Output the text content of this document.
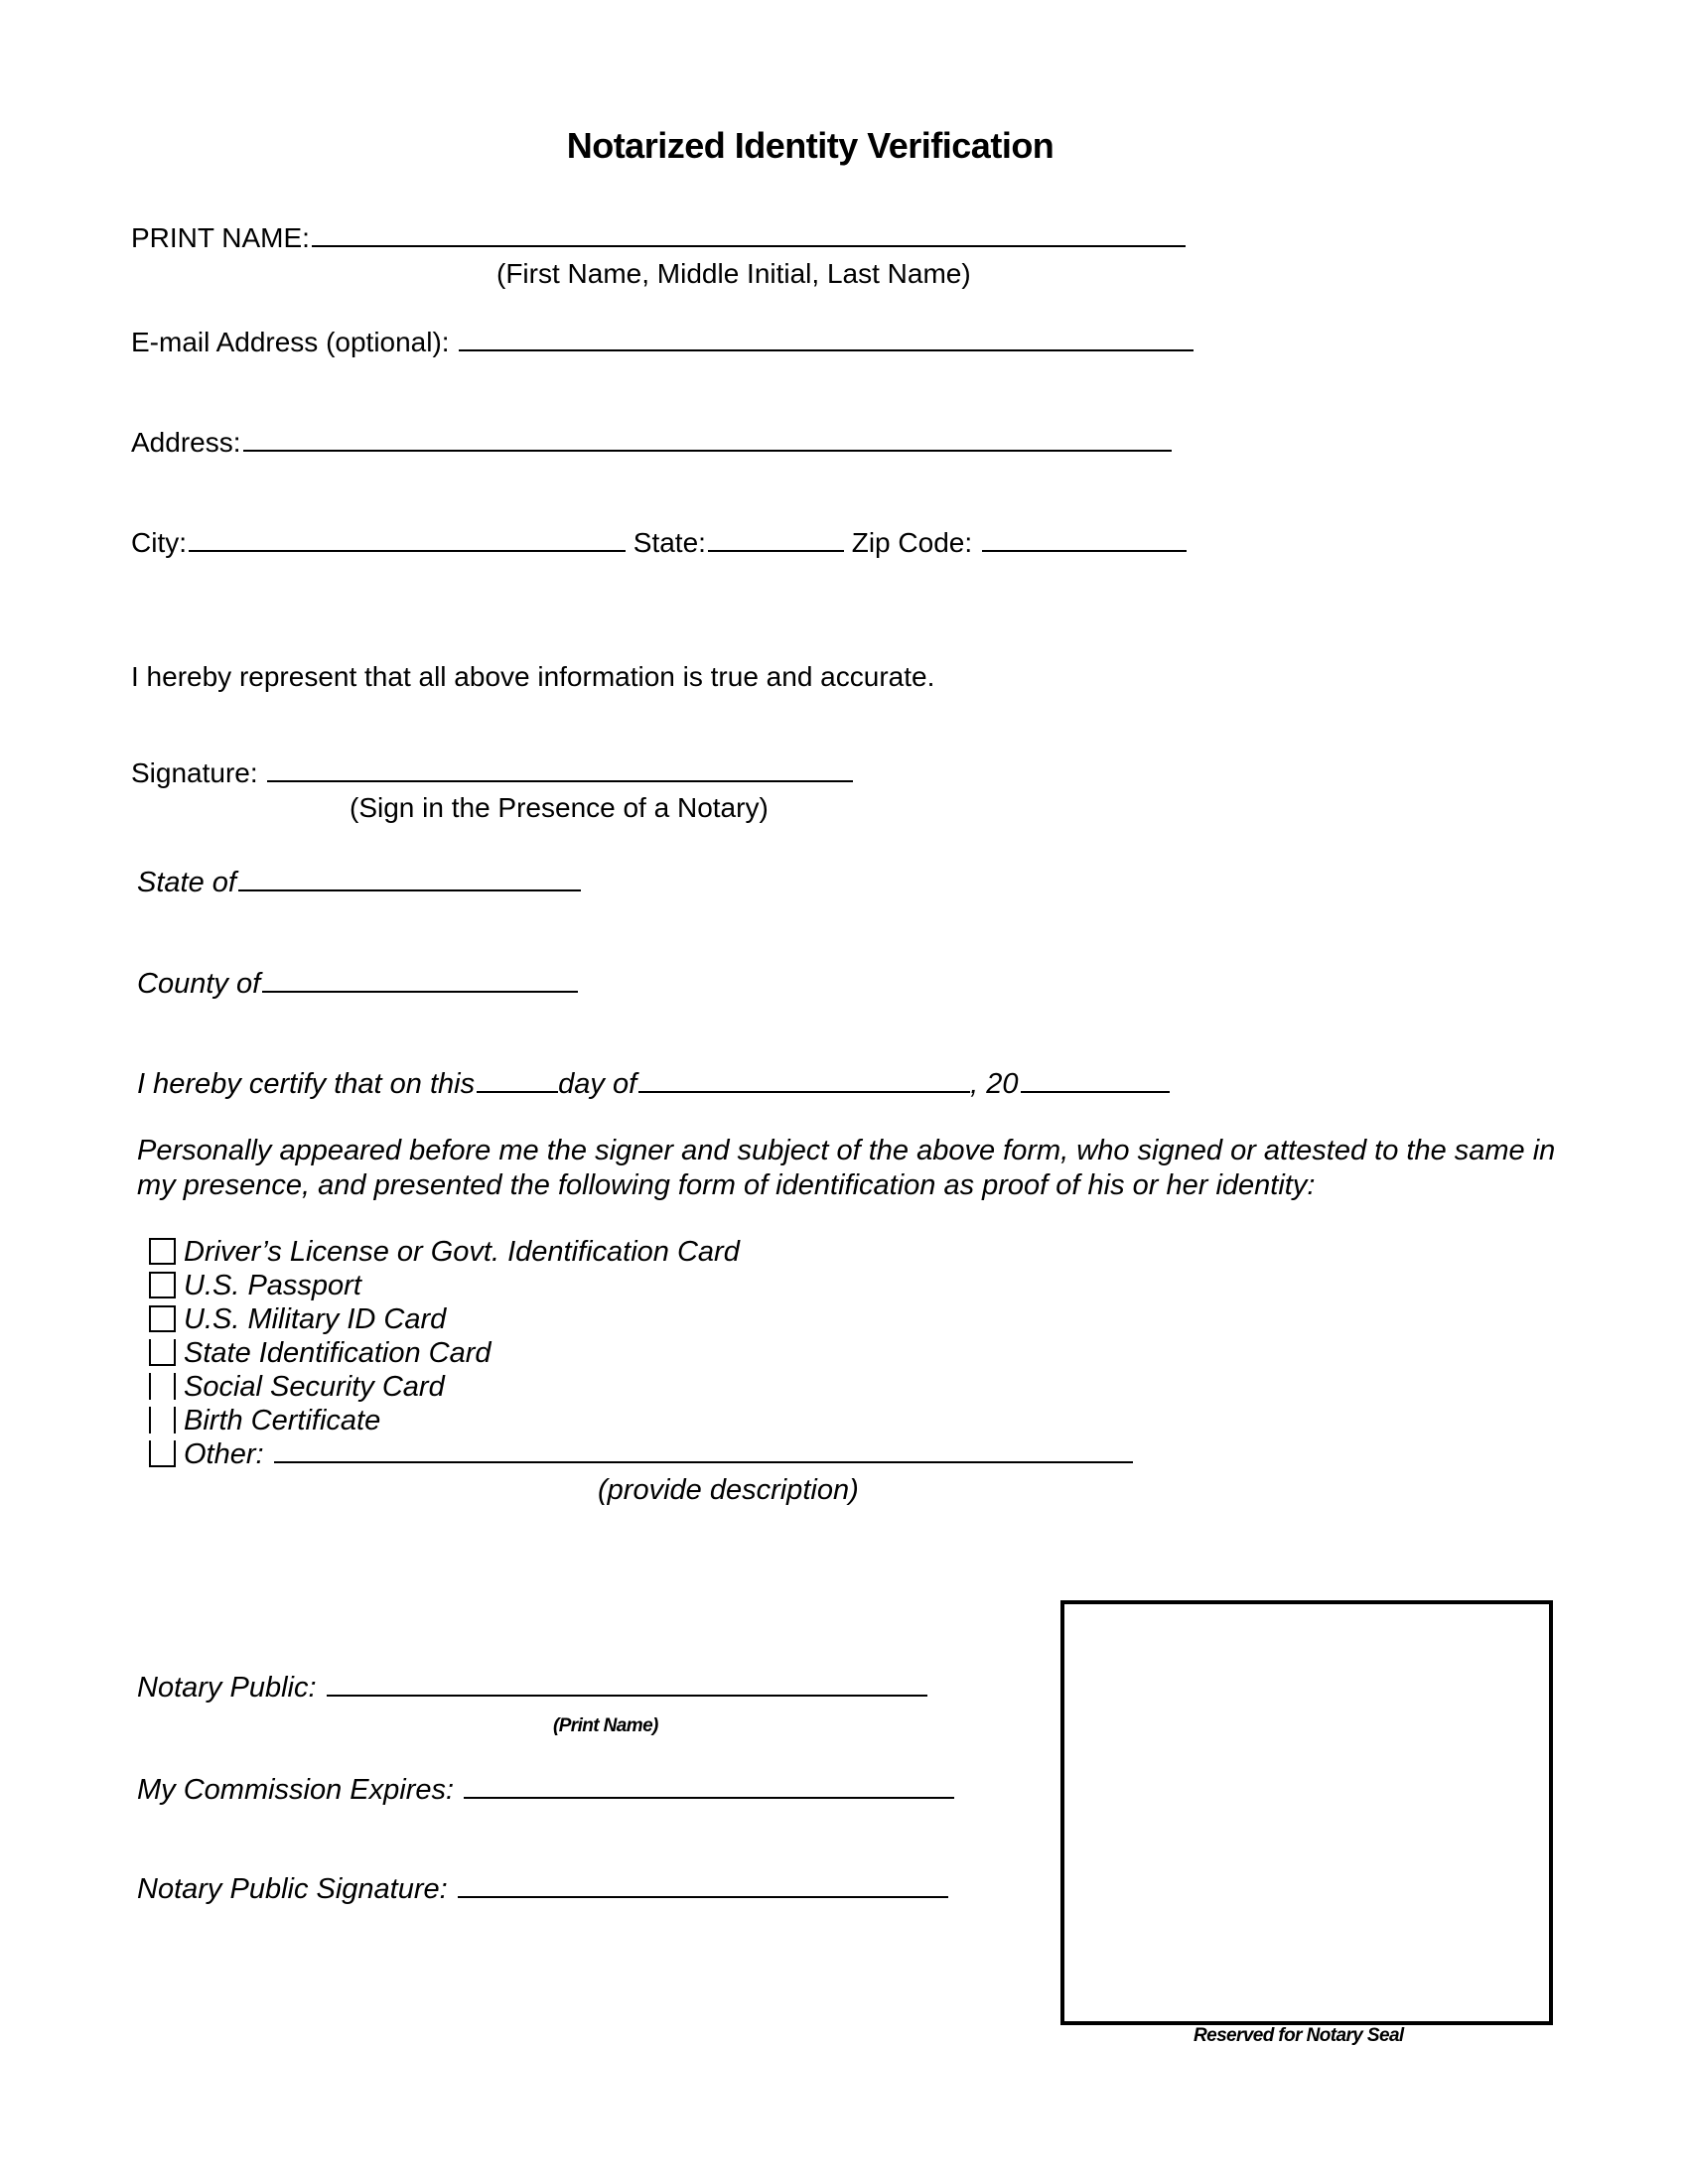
Notarized Identity Verification
PRINT NAME:
(First Name, Middle Initial, Last Name)
E-mail Address (optional):
Address:
City:	State:	Zip Code:
I hereby represent that all above information is true and accurate.
Signature:
(Sign in the Presence of a Notary)
State of
County of
I hereby certify that on this	day of	, 20
Personally appeared before me the signer and subject of the above form, who signed or attested to the same in
my presence, and presented the following form of identification as proof of his or her identity:
Driver’s License or Govt. Identification Card
U.S. Passport
U.S. Military ID Card
State Identification Card
Social Security Card
Birth Certificate
Other:
(provide description)
Notary Public:
(Print Name)
My Commission Expires:
Notary Public Signature:
Reserved for Notary Seal
